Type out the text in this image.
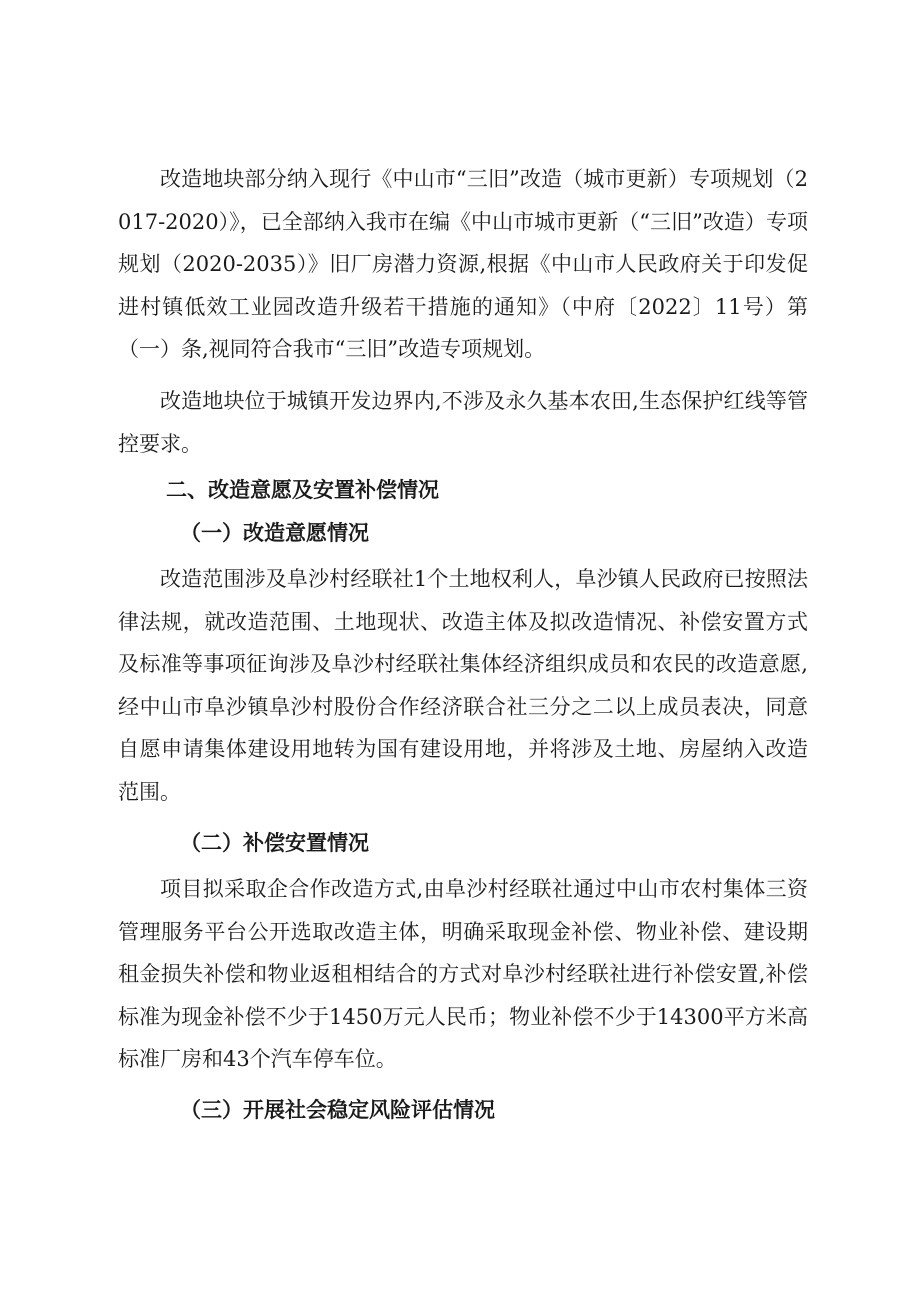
改造地块部分纳入现行《中山市“三旧”改造（城市更新）专项规划（2017-2020）》，已全部纳入我市在编《中山市城市更新（“三旧”改造）专项规划（2020-2035）》旧厂房潜力资源,根据《中山市人民政府关于印发促进村镇低效工业园改造升级若干措施的通知》（中府〔2022〕11号）第（一）条,视同符合我市“三旧”改造专项规划。

改造地块位于城镇开发边界内,不涉及永久基本农田,生态保护红线等管控要求。

二、改造意愿及安置补偿情况
（一）改造意愿情况

改造范围涉及阜沙村经联社1个土地权利人，阜沙镇人民政府已按照法律法规，就改造范围、土地现状、改造主体及拟改造情况、补偿安置方式及标准等事项征询涉及阜沙村经联社集体经济组织成员和农民的改造意愿,经中山市阜沙镇阜沙村股份合作经济联合社三分之二以上成员表决，同意自愿申请集体建设用地转为国有建设用地，并将涉及土地、房屋纳入改造范围。

（二）补偿安置情况

项目拟采取企合作改造方式,由阜沙村经联社通过中山市农村集体三资管理服务平台公开选取改造主体，明确采取现金补偿、物业补偿、建设期租金损失补偿和物业返租相结合的方式对阜沙村经联社进行补偿安置,补偿标准为现金补偿不少于1450万元人民币；物业补偿不少于14300平方米高标准厂房和43个汽车停车位。

（三）开展社会稳定风险评估情况
